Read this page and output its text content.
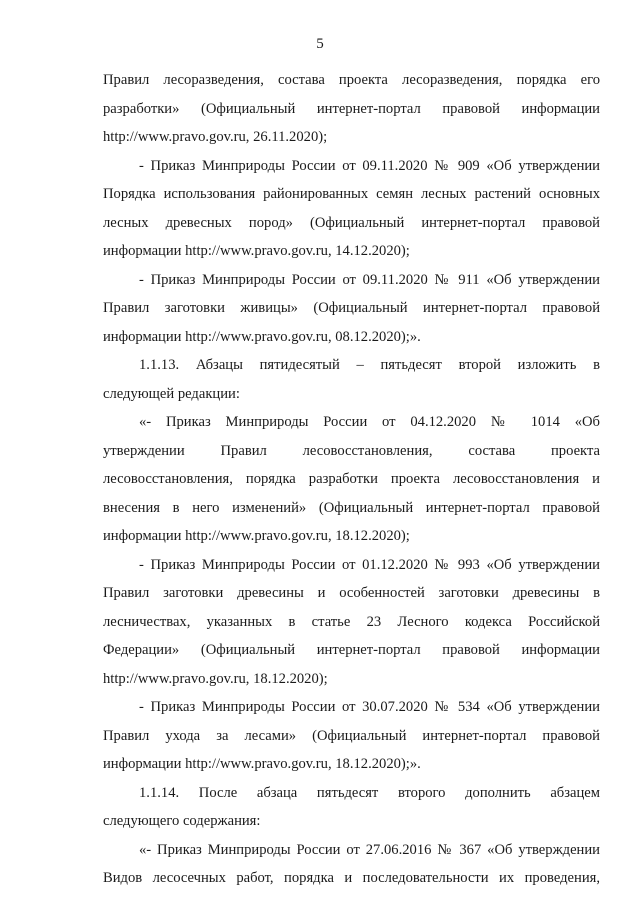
5
Правил лесоразведения, состава проекта лесоразведения, порядка его
разработки» (Официальный интернет-портал правовой информации
http://www.pravo.gov.ru, 26.11.2020);
- Приказ Минприроды России от 09.11.2020 № 909 «Об утверждении
Порядка использования районированных семян лесных растений основных
лесных древесных пород» (Официальный интернет-портал правовой
информации http://www.pravo.gov.ru, 14.12.2020);
- Приказ Минприроды России от 09.11.2020 № 911 «Об утверждении
Правил заготовки живицы» (Официальный интернет-портал правовой
информации http://www.pravo.gov.ru, 08.12.2020);».
1.1.13. Абзацы пятидесятый – пятьдесят второй изложить в
следующей редакции:
«- Приказ Минприроды России от 04.12.2020 № 1014 «Об
утверждении Правил лесовосстановления, состава проекта
лесовосстановления, порядка разработки проекта лесовосстановления и
внесения в него изменений» (Официальный интернет-портал правовой
информации http://www.pravo.gov.ru, 18.12.2020);
- Приказ Минприроды России от 01.12.2020 № 993 «Об утверждении
Правил заготовки древесины и особенностей заготовки древесины в
лесничествах, указанных в статье 23 Лесного кодекса Российской
Федерации» (Официальный интернет-портал правовой информации
http://www.pravo.gov.ru, 18.12.2020);
- Приказ Минприроды России от 30.07.2020 № 534 «Об утверждении
Правил ухода за лесами» (Официальный интернет-портал правовой
информации http://www.pravo.gov.ru, 18.12.2020);».
1.1.14. После абзаца пятьдесят второго дополнить абзацем
следующего содержания:
«- Приказ Минприроды России от 27.06.2016 № 367 «Об утверждении
Видов лесосечных работ, порядка и последовательности их проведения,
